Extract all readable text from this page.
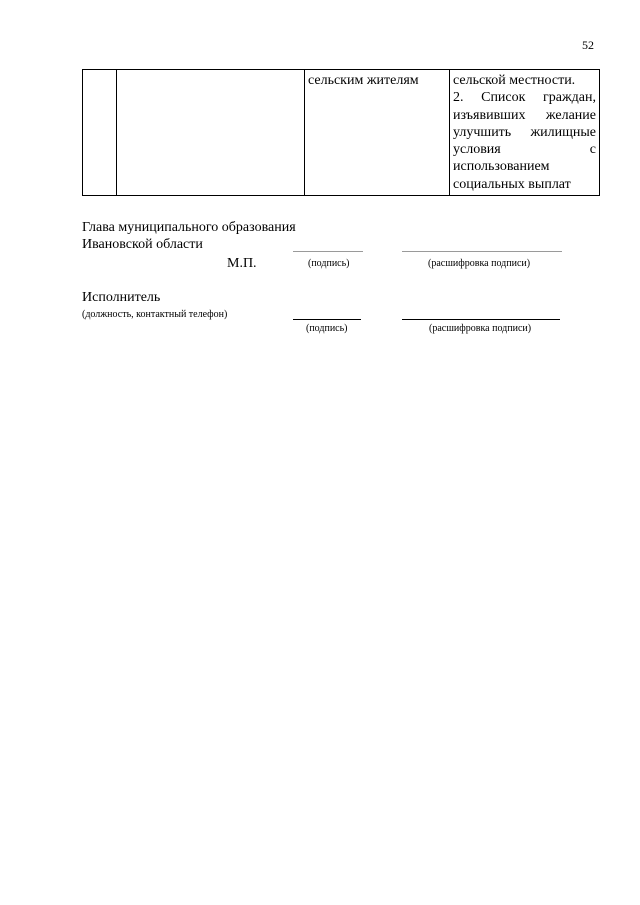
52
		сельским жителям	сельской местности.
2. Список граждан,
изъявивших желание
улучшить жилищные
условия с
использованием
социальных выплат
Глава муниципального образования
Ивановской области
М.П.	(подпись)	(расшифровка подписи)
Исполнитель
(должность, контактный телефон)
(подпись)	(расшифровка подписи)
